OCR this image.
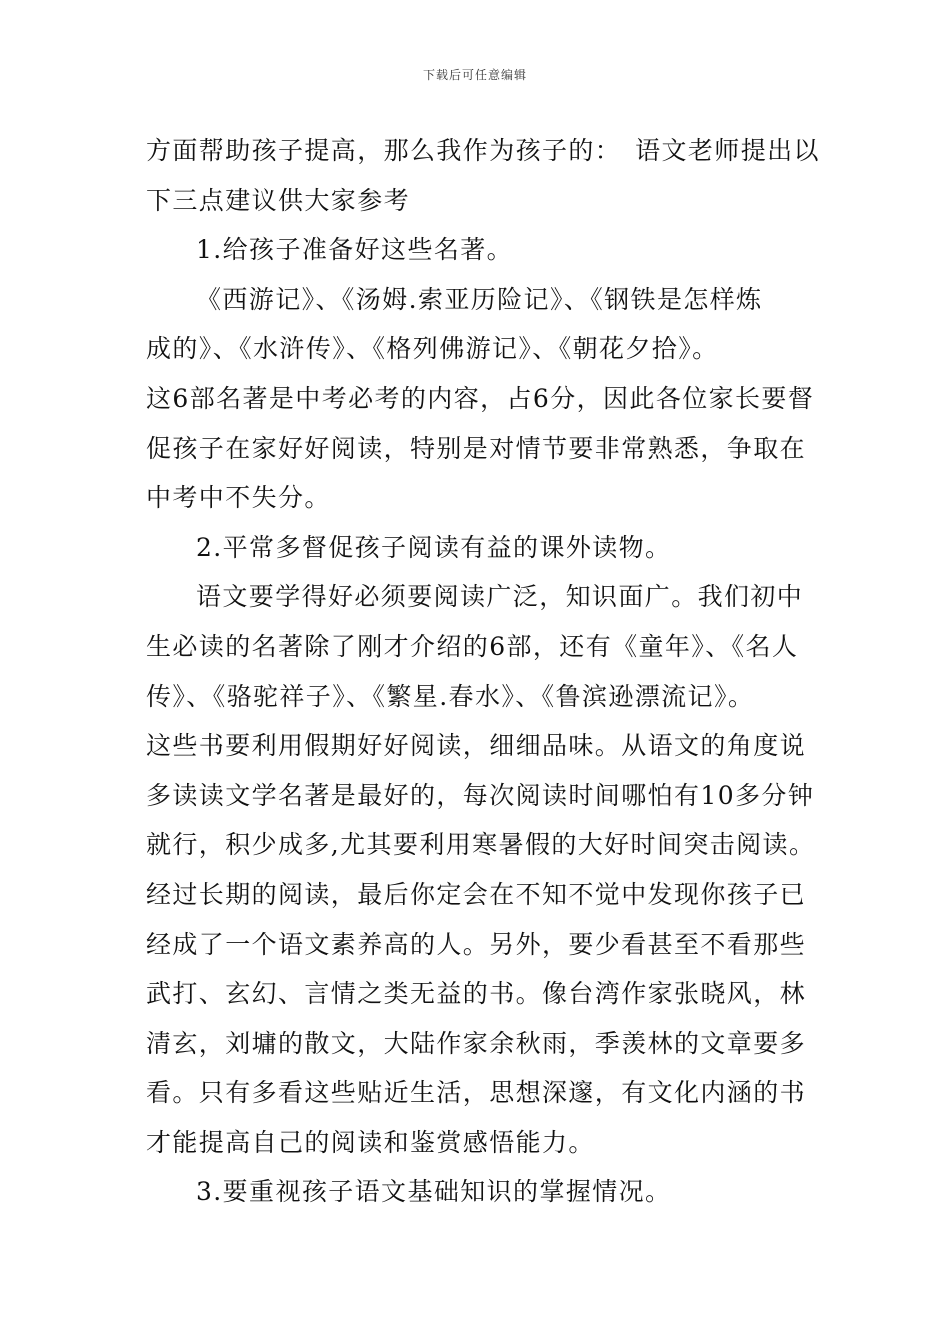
下载后可任意编辑
方面帮助孩子提高，那么我作为孩子的：　语文老师提出以
下三点建议供大家参考
1.给孩子准备好这些名著。
《西游记》、《汤姆.索亚历险记》、《钢铁是怎样炼
成的》、《水浒传》、《格列佛游记》、《朝花夕拾》。
这6部名著是中考必考的内容，占6分，因此各位家长要督
促孩子在家好好阅读，特别是对情节要非常熟悉，争取在
中考中不失分。
2.平常多督促孩子阅读有益的课外读物。
语文要学得好必须要阅读广泛，知识面广。我们初中
生必读的名著除了刚才介绍的6部，还有《童年》、《名人
传》、《骆驼祥子》、《繁星.春水》、《鲁滨逊漂流记》。
这些书要利用假期好好阅读，细细品味。从语文的角度说
多读读文学名著是最好的，每次阅读时间哪怕有10多分钟
就行，积少成多,尤其要利用寒暑假的大好时间突击阅读。
经过长期的阅读，最后你定会在不知不觉中发现你孩子已
经成了一个语文素养高的人。另外，要少看甚至不看那些
武打、玄幻、言情之类无益的书。像台湾作家张晓风，林
清玄，刘墉的散文，大陆作家余秋雨，季羡林的文章要多
看。只有多看这些贴近生活，思想深邃，有文化内涵的书
才能提高自己的阅读和鉴赏感悟能力。
3.要重视孩子语文基础知识的掌握情况。
